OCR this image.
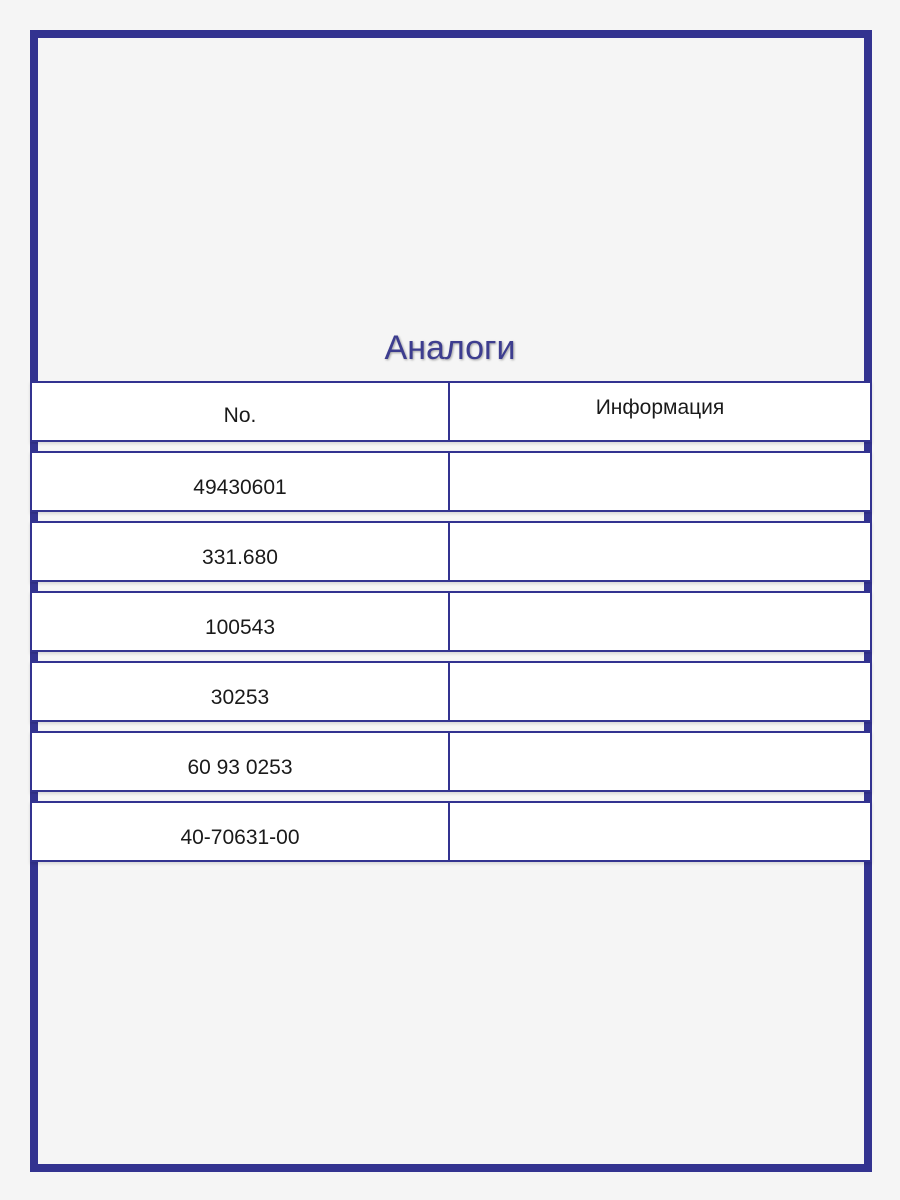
Аналоги
No.	Информация
49430601
331.680
100543
30253
60 93 0253
40-70631-00
